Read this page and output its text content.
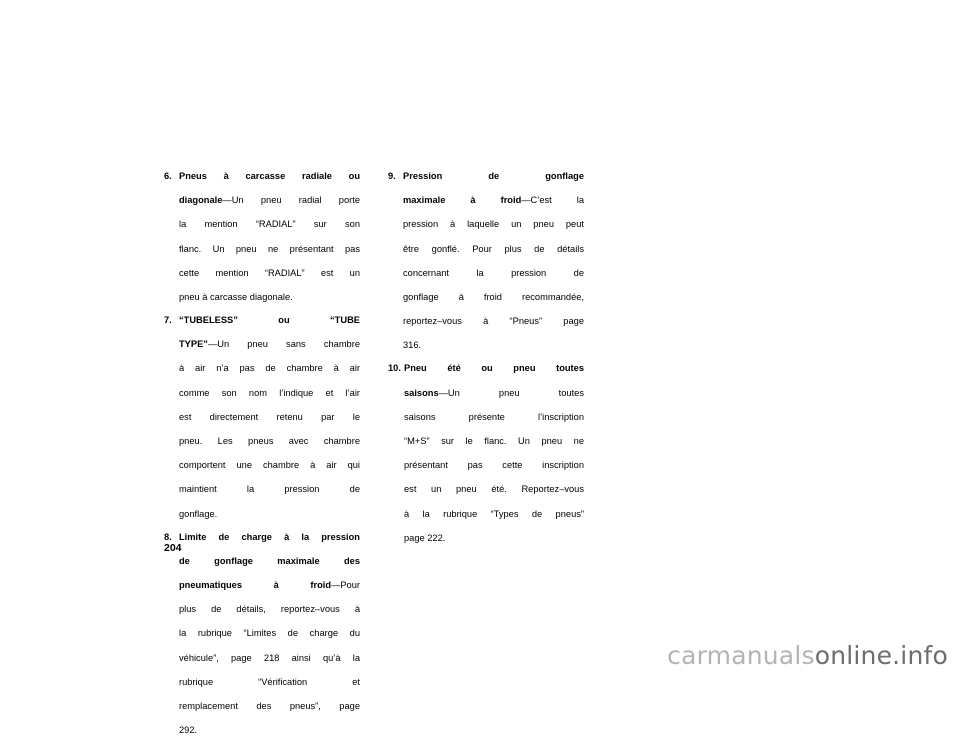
6. Pneus à carcasse radiale ou
diagonale—Un pneu radial porte
la mention “RADIAL” sur son
flanc. Un pneu ne présentant pas
cette mention “RADIAL” est un
pneu à carcasse diagonale.
7. “TUBELESS” ou “TUBE
TYPE”—Un pneu sans chambre
à air n’a pas de chambre à air
comme son nom l’indique et l’air
est directement retenu par le
pneu. Les pneus avec chambre
comportent une chambre à air qui
maintient la pression de
gonflage.
8. Limite de charge à la pression
de gonflage maximale des
pneumatiques à froid—Pour
plus de détails, reportez–vous à
la rubrique “Limites de charge du
véhicule”, page 218 ainsi qu’à la
rubrique “Vérification et
remplacement des pneus”, page
292.
9. Pression de gonflage
maximale à froid—C’est la
pression à laquelle un pneu peut
être gonflé. Pour plus de détails
concernant la pression de
gonflage à froid recommandée,
reportez–vous à “Pneus” page
316.
10. Pneu été ou pneu toutes
saisons—Un pneu toutes
saisons présente l’inscription
“M+S” sur le flanc. Un pneu ne
présentant pas cette inscription
est un pneu été. Reportez–vous
à la rubrique “Types de pneus”
page 222.
204
carmanualsonline.info
